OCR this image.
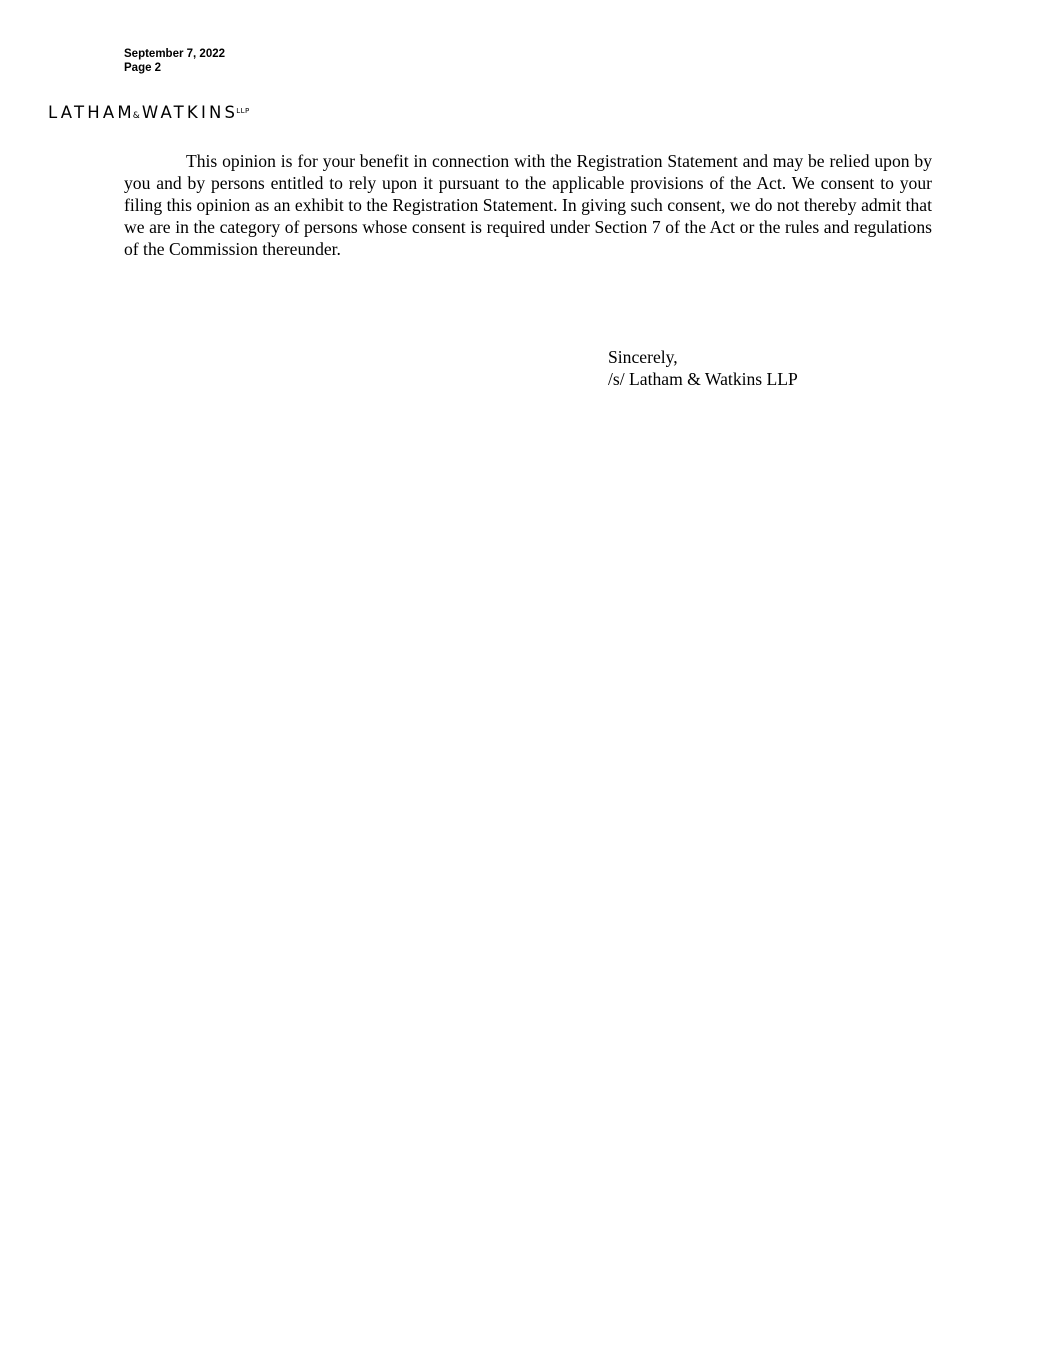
September 7, 2022
Page 2
$LATHAM\&WATKINS^{LLP}$

This opinion is for your benefit in connection with the Registration Statement and may be relied upon by you and by persons entitled to rely upon it pursuant to the applicable provisions of the Act. We consent to your filing this opinion as an exhibit to the Registration Statement. In giving such consent, we do not thereby admit that we are in the category of persons whose consent is required under Section 7 of the Act or the rules and regulations of the Commission thereunder.

Sincerely,
/s/ Latham & Watkins LLP
